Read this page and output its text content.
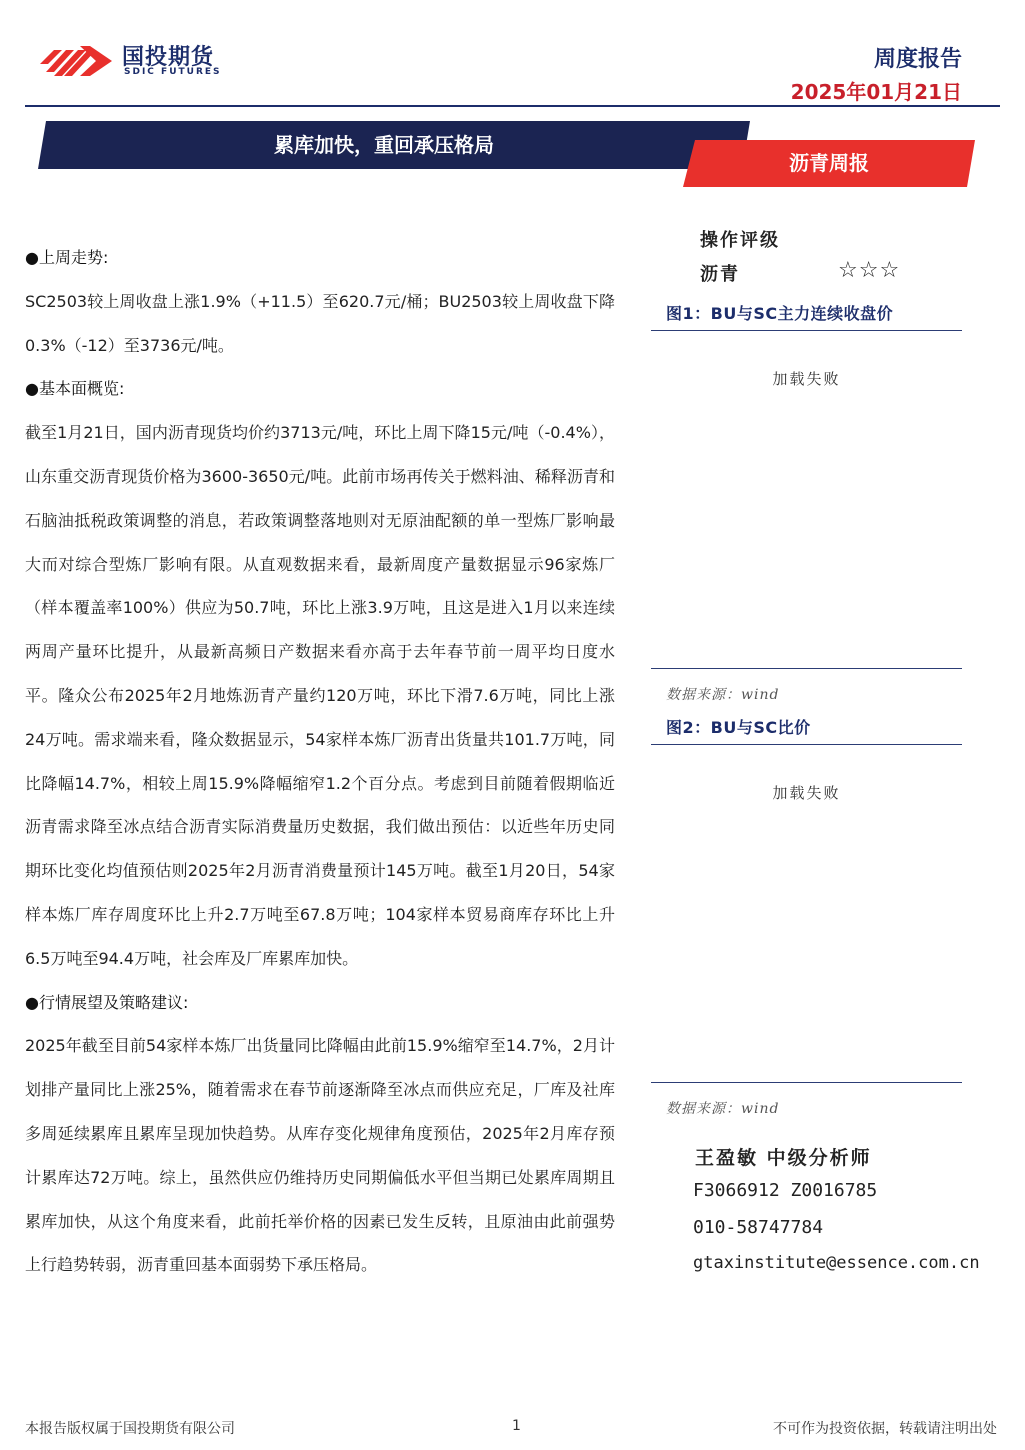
国投期货
SDIC FUTURES	周度报告
2025年01月21日
累库加快，重回承压格局
沥青周报

●上周走势:

SC2503较上周收盘上涨1.9%（+11.5）至620.7元/桶；BU2503较上周收盘下降0.3%（-12）至3736元/吨。

●基本面概览:

截至1月21日，国内沥青现货均价约3713元/吨，环比上周下降15元/吨（-0.4%），山东重交沥青现货价格为3600-3650元/吨。此前市场再传关于燃料油、稀释沥青和石脑油抵税政策调整的消息，若政策调整落地则对无原油配额的单一型炼厂影响最大而对综合型炼厂影响有限。从直观数据来看，最新周度产量数据显示96家炼厂（样本覆盖率100%）供应为50.7吨，环比上涨3.9万吨，且这是进入1月以来连续两周产量环比提升，从最新高频日产数据来看亦高于去年春节前一周平均日度水平。隆众公布2025年2月地炼沥青产量约120万吨，环比下滑7.6万吨，同比上涨24万吨。需求端来看，隆众数据显示，54家样本炼厂沥青出货量共101.7万吨，同比降幅14.7%，相较上周15.9%降幅缩窄1.2个百分点。考虑到目前随着假期临近沥青需求降至冰点结合沥青实际消费量历史数据，我们做出预估：以近些年历史同期环比变化均值预估则2025年2月沥青消费量预计145万吨。截至1月20日，54家样本炼厂库存周度环比上升2.7万吨至67.8万吨；104家样本贸易商库存环比上升6.5万吨至94.4万吨，社会库及厂库累库加快。

●行情展望及策略建议:

2025年截至目前54家样本炼厂出货量同比降幅由此前15.9%缩窄至14.7%，2月计划排产量同比上涨25%，随着需求在春节前逐渐降至冰点而供应充足，厂库及社库多周延续累库且累库呈现加快趋势。从库存变化规律角度预估，2025年2月库存预计累库达72万吨。综上，虽然供应仍维持历史同期偏低水平但当期已处累库周期且累库加快，从这个角度来看，此前托举价格的因素已发生反转，且原油由此前强势上行趋势转弱，沥青重回基本面弱势下承压格局。

操作评级
沥青	☆☆☆
图1：BU与SC主力连续收盘价
加载失败
数据来源：wind
图2：BU与SC比价
加载失败
数据来源：wind
王盈敏 中级分析师
F3066912 Z0016785
010-58747784
gtaxinstitute@essence.com.cn
本报告版权属于国投期货有限公司	1	不可作为投资依据，转载请注明出处
